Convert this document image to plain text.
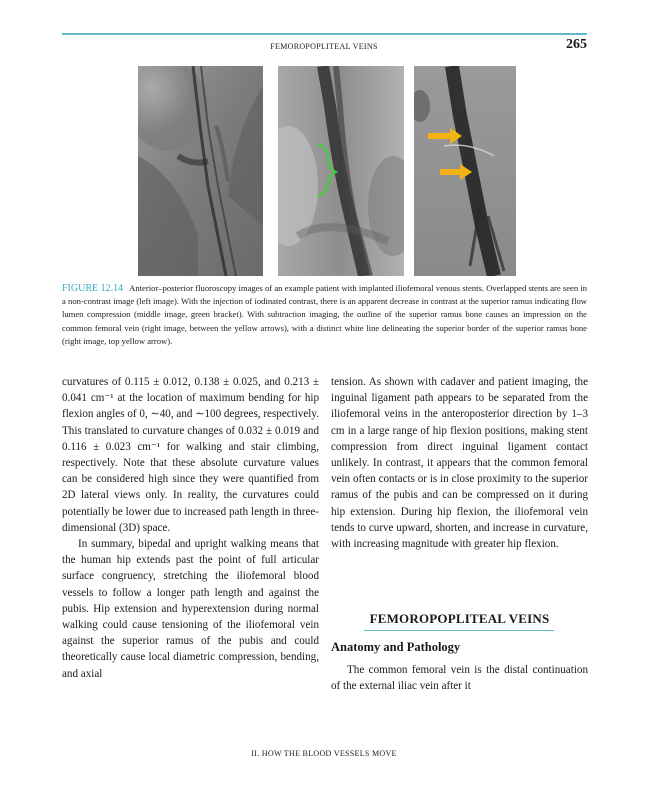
FEMOROPOPLITEAL VEINS	265
FIGURE 12.14 Anterior–posterior fluoroscopy images of an example patient with implanted iliofemoral venous stents. Overlapped stents are seen in a non-contrast image (left image). With the injection of iodinated contrast, there is an apparent decrease in contrast at the superior ramus indicating flow lumen compression (middle image, green bracket). With subtraction imaging, the outline of the superior ramus bone causes an impression on the common femoral vein (right image, between the yellow arrows), with a distinct white line delineating the superior border of the superior ramus bone (right image, top yellow arrow).

curvatures of 0.115 ± 0.012, 0.138 ± 0.025, and 0.213 ± 0.041 cm⁻¹ at the location of maximum bending for hip flexion angles of 0, ∼40, and ∼100 degrees, respectively. This translated to curvature changes of 0.032 ± 0.019 and 0.116 ± 0.023 cm⁻¹ for walking and stair climbing, respectively. Note that these absolute curvature values can be considered high since they were quantified from 2D lateral views only. In reality, the curvatures could potentially be lower due to increased path length in three-dimensional (3D) space.

In summary, bipedal and upright walking means that the human hip extends past the point of full articular surface congruency, stretching the iliofemoral blood vessels to follow a longer path length and against the pubis. Hip extension and hyperextension during normal walking could cause tensioning of the iliofemoral vein against the superior ramus of the pubis and could theoretically cause local diametric compression, bending, and axial

tension. As shown with cadaver and patient imaging, the inguinal ligament path appears to be separated from the iliofemoral veins in the anteroposterior direction by 1–3 cm in a large range of hip flexion positions, making stent compression from direct inguinal ligament contact unlikely. In contrast, it appears that the common femoral vein often contacts or is in close proximity to the superior ramus of the pubis and can be compressed on it during hip extension. During hip flexion, the iliofemoral vein tends to curve upward, shorten, and increase in curvature, with increasing magnitude with greater hip flexion.

FEMOROPOPLITEAL VEINS
Anatomy and Pathology

The common femoral vein is the distal continuation of the external iliac vein after it

II. HOW THE BLOOD VESSELS MOVE
